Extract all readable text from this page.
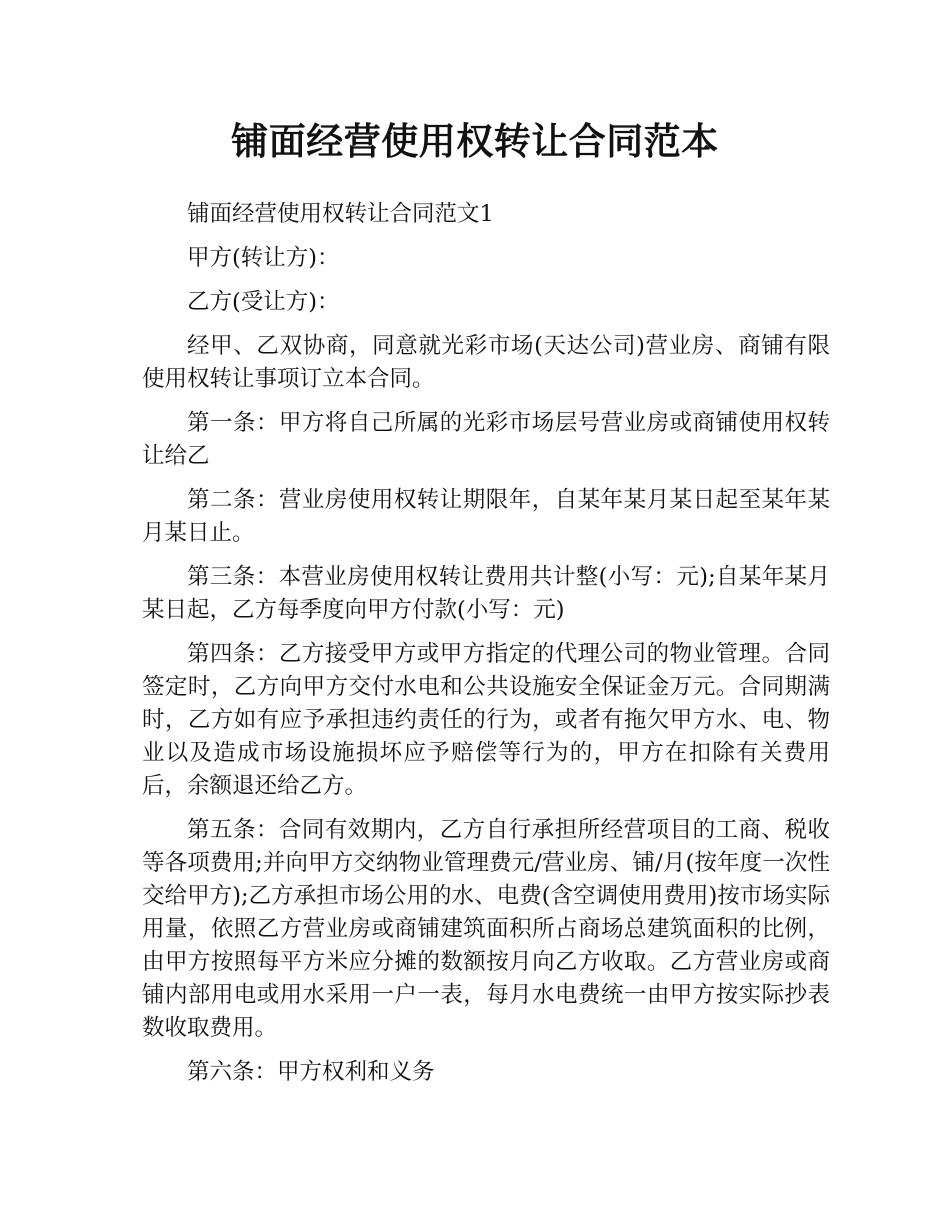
铺面经营使用权转让合同范本

铺面经营使用权转让合同范文1

甲方(转让方)：

乙方(受让方)：

经甲、乙双协商，同意就光彩市场(天达公司)营业房、商铺有限使用权转让事项订立本合同。

第一条：甲方将自己所属的光彩市场层号营业房或商铺使用权转让给乙

第二条：营业房使用权转让期限年，自某年某月某日起至某年某月某日止。

第三条：本营业房使用权转让费用共计整(小写：元);自某年某月某日起，乙方每季度向甲方付款(小写：元)

第四条：乙方接受甲方或甲方指定的代理公司的物业管理。合同签定时，乙方向甲方交付水电和公共设施安全保证金万元。合同期满时，乙方如有应予承担违约责任的行为，或者有拖欠甲方水、电、物业以及造成市场设施损坏应予赔偿等行为的，甲方在扣除有关费用后，余额退还给乙方。

第五条：合同有效期内，乙方自行承担所经营项目的工商、税收等各项费用;并向甲方交纳物业管理费元/营业房、铺/月(按年度一次性交给甲方);乙方承担市场公用的水、电费(含空调使用费用)按市场实际用量，依照乙方营业房或商铺建筑面积所占商场总建筑面积的比例，由甲方按照每平方米应分摊的数额按月向乙方收取。乙方营业房或商铺内部用电或用水采用一户一表，每月水电费统一由甲方按实际抄表数收取费用。

第六条：甲方权利和义务
